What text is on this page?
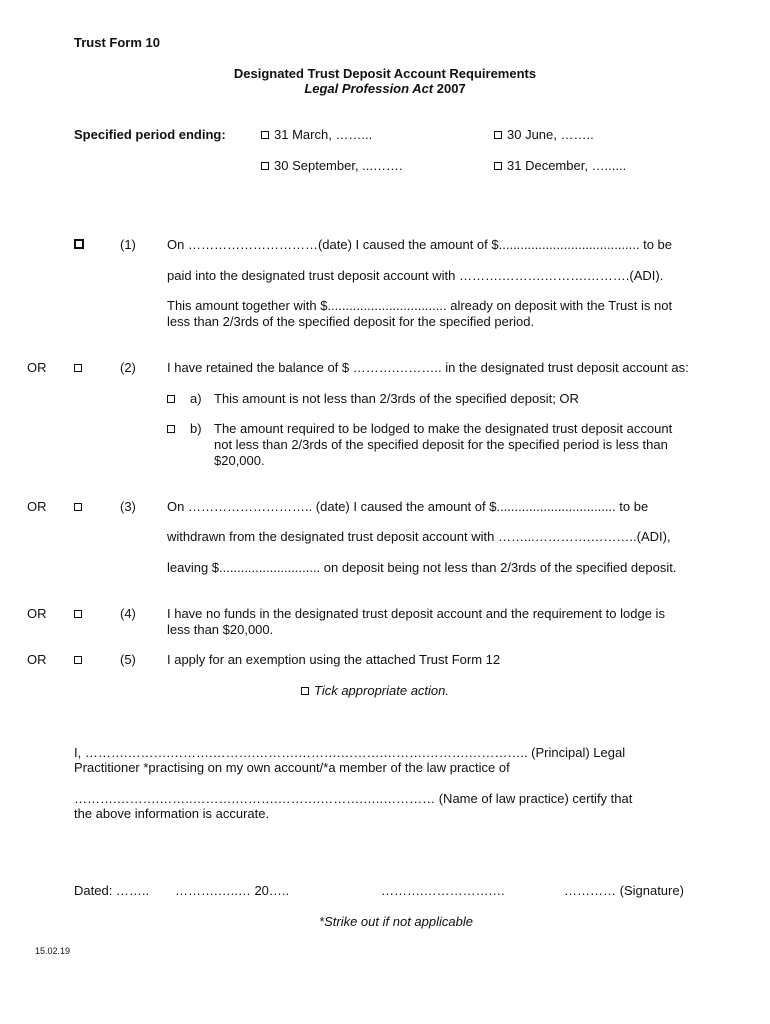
Trust Form 10
Designated Trust Deposit Account Requirements
Legal Profession Act 2007
Specified period ending:	31 March, ……...	30 June, ……..
30 September, ...…….	31 December, …......
(1) On …………………………(date) I caused the amount of $....................................... to be
paid into the designated trust deposit account with ……….……….……….……….(ADI).
This amount together with $................................. already on deposit with the Trust is not
less than 2/3rds of the specified deposit for the specified period.
OR	(2) I have retained the balance of $ ……….……….. in the designated trust deposit account as:
a) This amount is not less than 2/3rds of the specified deposit; OR
b) The amount required to be lodged to make the designated trust deposit account
not less than 2/3rds of the specified deposit for the specified period is less than
$20,000.
OR	(3) On ……………………….. (date) I caused the amount of $................................. to be
withdrawn from the designated trust deposit account with ……...………….………..(ADI),
leaving $............................ on deposit being not less than 2/3rds of the specified deposit.
OR	(4) I have no funds in the designated trust deposit account and the requirement to lodge is
less than $20,000.
OR	(5) I apply for an exemption using the attached Trust Form 12
Tick appropriate action.
I, ……….……….……….……….……….……….……….……….……….………….. (Principal) Legal
Practitioner *practising on my own account/*a member of the law practice of
……….……….……..……….……….……….……….…..………… (Name of law practice) certify that
the above information is accurate.
Dated: …….. ……….…..… 20…..	……….…………….…	………… (Signature)
*Strike out if not applicable
15.02.19
